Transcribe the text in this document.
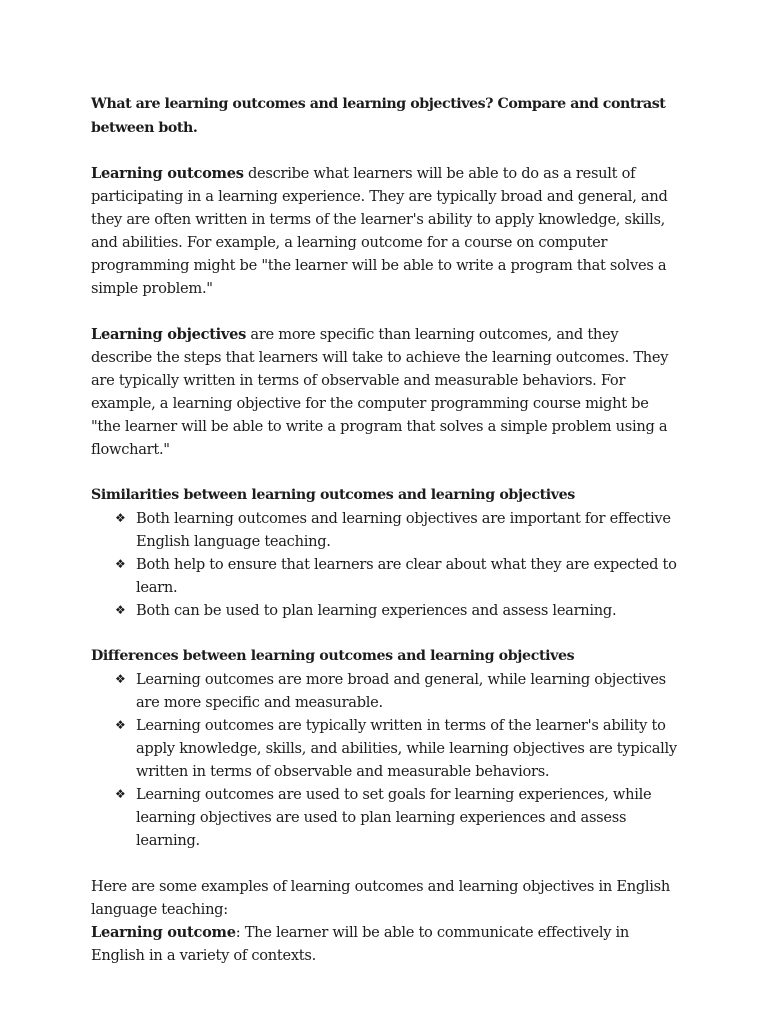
What are learning outcomes and learning objectives? Compare and contrast between both.

Learning outcomes describe what learners will be able to do as a result of participating in a learning experience. They are typically broad and general, and they are often written in terms of the learner's ability to apply knowledge, skills, and abilities. For example, a learning outcome for a course on computer programming might be "the learner will be able to write a program that solves a simple problem."

Learning objectives are more specific than learning outcomes, and they describe the steps that learners will take to achieve the learning outcomes. They are typically written in terms of observable and measurable behaviors. For example, a learning objective for the computer programming course might be "the learner will be able to write a program that solves a simple problem using a flowchart."

Similarities between learning outcomes and learning objectives
❖ Both learning outcomes and learning objectives are important for effective English language teaching.
❖ Both help to ensure that learners are clear about what they are expected to learn.
❖ Both can be used to plan learning experiences and assess learning.
Differences between learning outcomes and learning objectives
❖ Learning outcomes are more broad and general, while learning objectives are more specific and measurable.
❖ Learning outcomes are typically written in terms of the learner's ability to apply knowledge, skills, and abilities, while learning objectives are typically written in terms of observable and measurable behaviors.
❖ Learning outcomes are used to set goals for learning experiences, while learning objectives are used to plan learning experiences and assess learning.

Here are some examples of learning outcomes and learning objectives in English language teaching:

Learning outcome: The learner will be able to communicate effectively in English in a variety of contexts.
